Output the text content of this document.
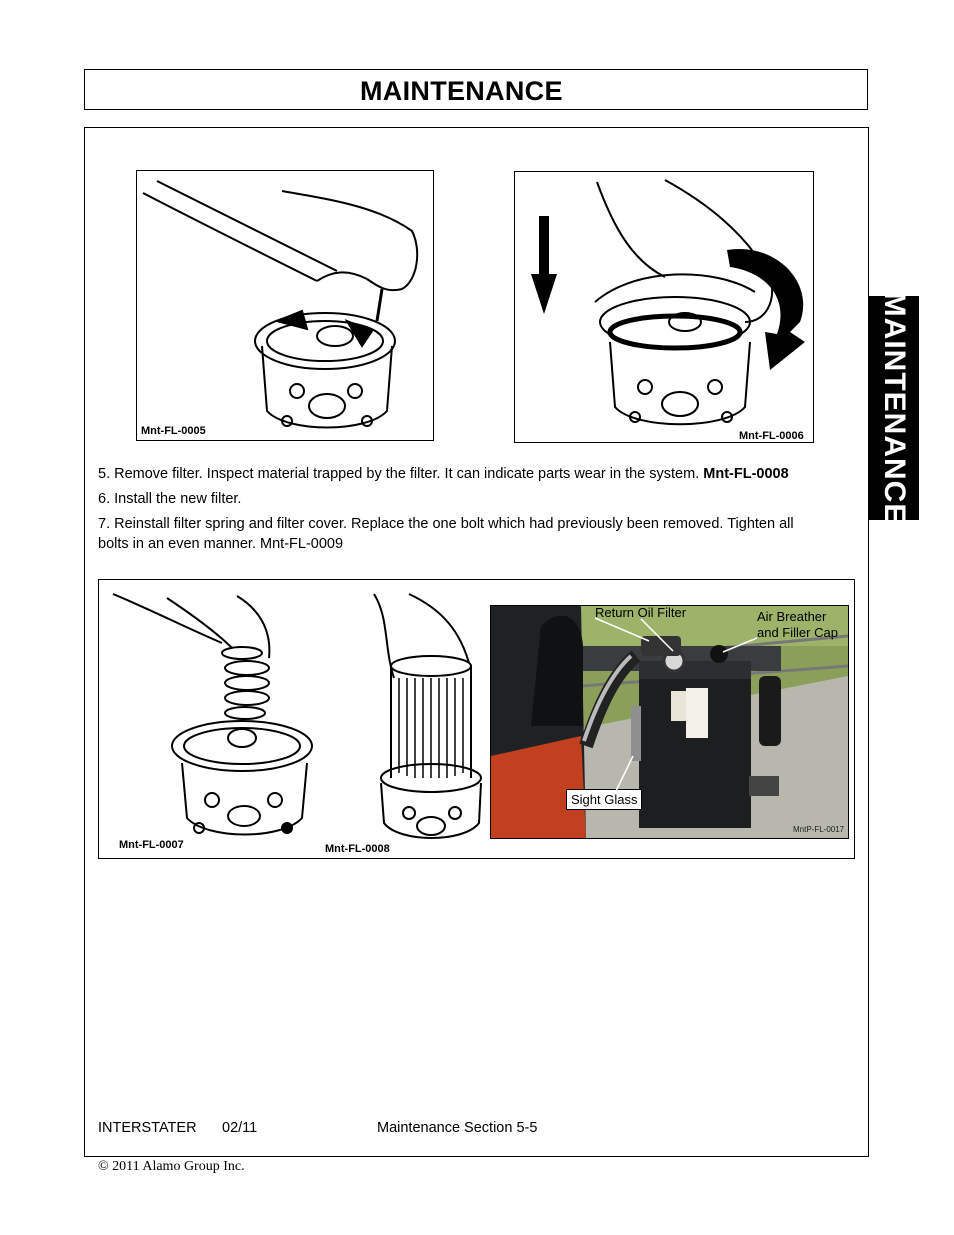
MAINTENANCE
MAINTENANCE
Mnt-FL-0005	Mnt-FL-0006
5. Remove filter. Inspect material trapped by the filter. It can indicate parts wear in the system. Mnt-FL-0008
6. Install the new filter.
7. Reinstall filter spring and filter cover. Replace the one bolt which had previously been removed. Tighten all
bolts in an even manner. Mnt-FL-0009
Mnt-FL-0007	Mnt-FL-0008
Return Oil Filter	Air Breather
and Filler Cap
Sight Glass
MntP-FL-0017
INTERSTATER 02/11	Maintenance Section 5-5
© 2011 Alamo Group Inc.
